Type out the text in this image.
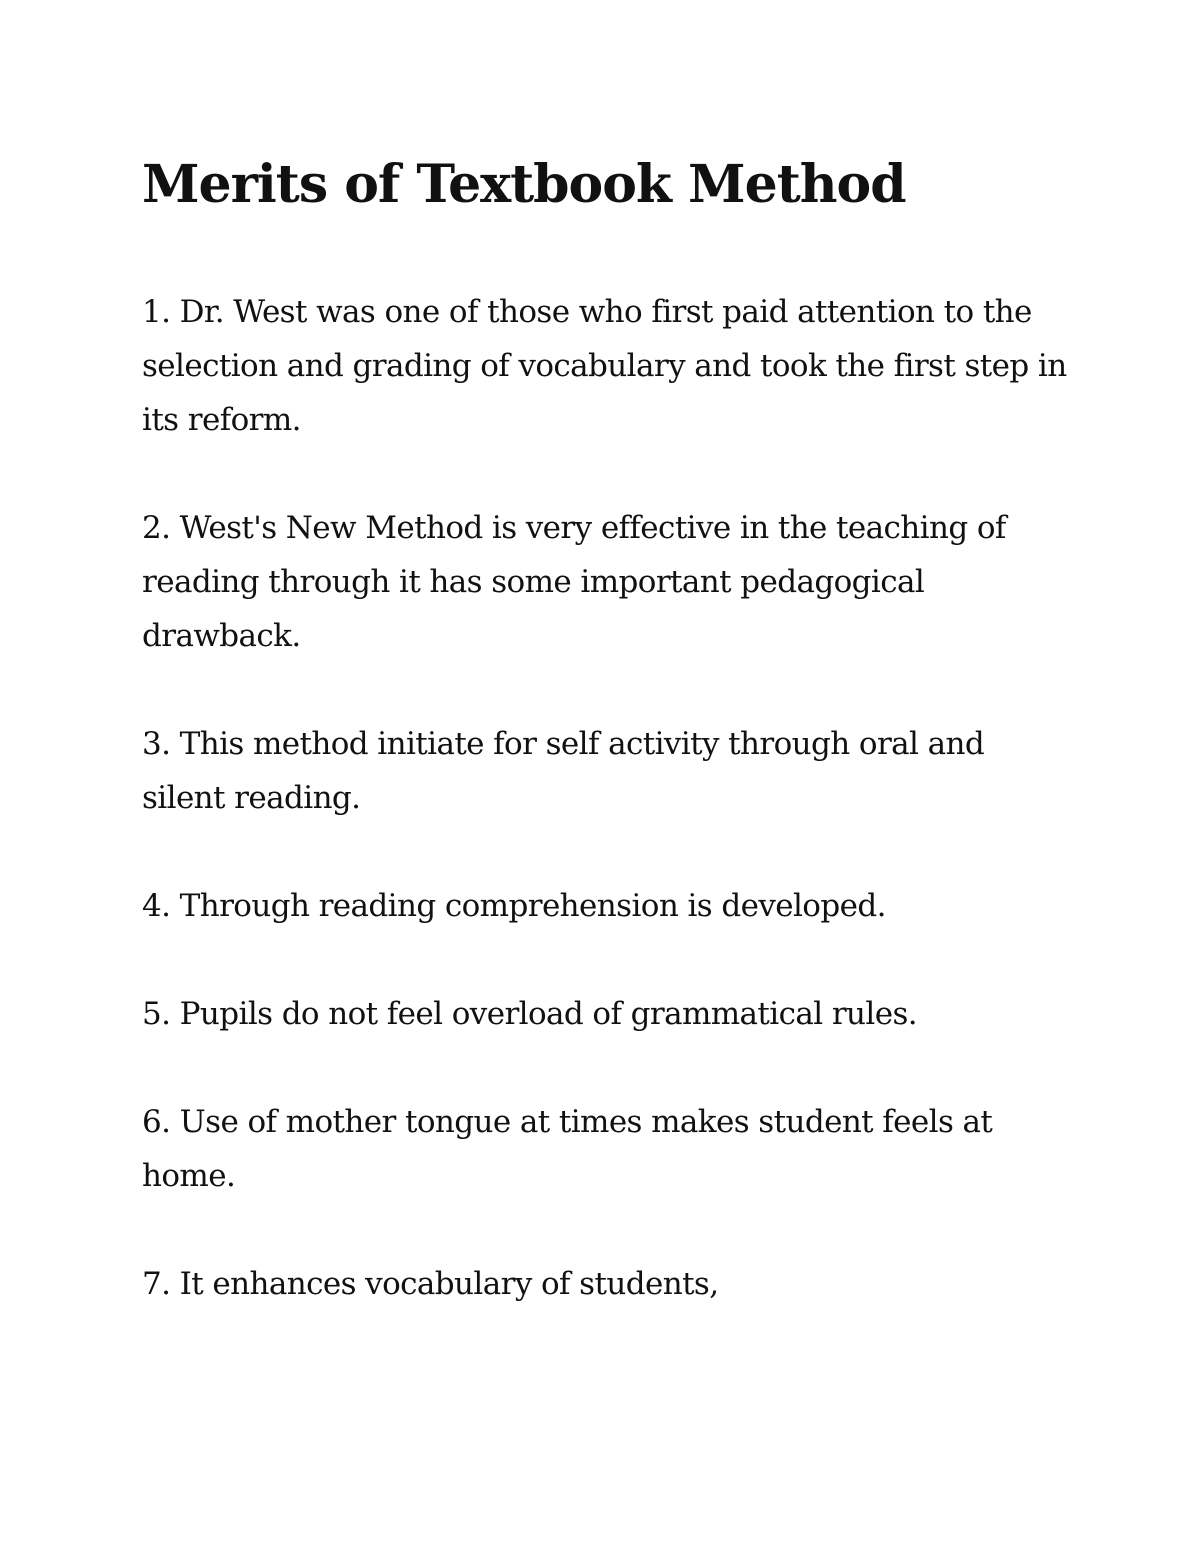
Merits of Textbook Method

1. Dr. West was one of those who first paid attention to the selection and grading of vocabulary and took the first step in its reform.

2. West's New Method is very effective in the teaching of reading through it has some important pedagogical drawback.

3. This method initiate for self activity through oral and silent reading.

4. Through reading comprehension is developed.

5. Pupils do not feel overload of grammatical rules.

6. Use of mother tongue at times makes student feels at home.

7. It enhances vocabulary of students,
